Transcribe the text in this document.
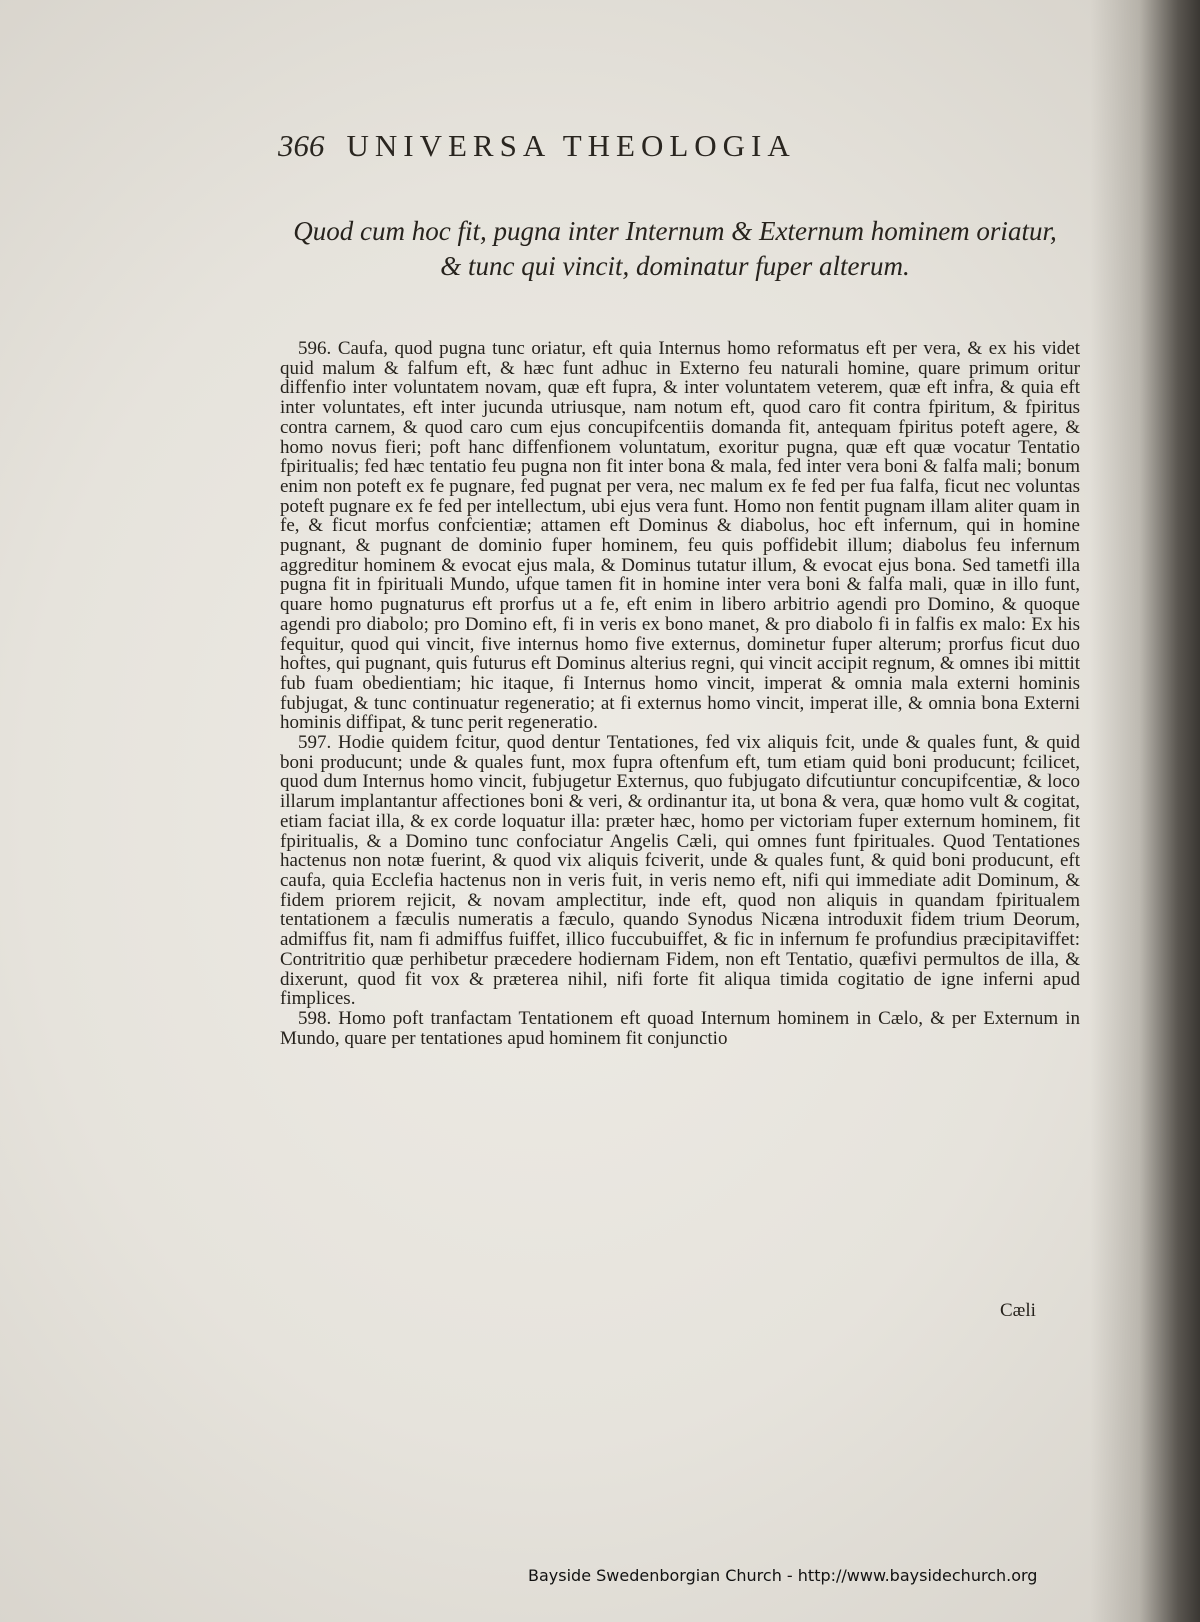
366 UNIVERSA THEOLOGIA
Quod cum hoc fit, pugna inter Internum & Externum hominem oriatur, & tunc qui vincit, dominatur fuper alterum.

596. Caufa, quod pugna tunc oriatur, eft quia Internus homo reformatus eft per vera, & ex his videt quid malum & falfum eft, & hæc funt adhuc in Externo feu naturali homine, quare primum oritur diffenfio inter voluntatem novam, quæ eft fupra, & inter voluntatem veterem, quæ eft infra, & quia eft inter voluntates, eft inter jucunda utriusque, nam notum eft, quod caro fit contra fpiritum, & fpiritus contra carnem, & quod caro cum ejus concupifcentiis domanda fit, antequam fpiritus poteft agere, & homo novus fieri; poft hanc diffenfionem voluntatum, exoritur pugna, quæ eft quæ vocatur Tentatio fpiritualis; fed hæc tentatio feu pugna non fit inter bona & mala, fed inter vera boni & falfa mali; bonum enim non poteft ex fe pugnare, fed pugnat per vera, nec malum ex fe fed per fua falfa, ficut nec voluntas poteft pugnare ex fe fed per intellectum, ubi ejus vera funt. Homo non fentit pugnam illam aliter quam in fe, & ficut morfus confcientiæ; attamen eft Dominus & diabolus, hoc eft infernum, qui in homine pugnant, & pugnant de dominio fuper hominem, feu quis poffidebit illum; diabolus feu infernum aggreditur hominem & evocat ejus mala, & Dominus tutatur illum, & evocat ejus bona. Sed tametfi illa pugna fit in fpirituali Mundo, ufque tamen fit in homine inter vera boni & falfa mali, quæ in illo funt, quare homo pugnaturus eft prorfus ut a fe, eft enim in libero arbitrio agendi pro Domino, & quoque agendi pro diabolo; pro Domino eft, fi in veris ex bono manet, & pro diabolo fi in falfis ex malo: Ex his fequitur, quod qui vincit, five internus homo five externus, dominetur fuper alterum; prorfus ficut duo hoftes, qui pugnant, quis futurus eft Dominus alterius regni, qui vincit accipit regnum, & omnes ibi mittit fub fuam obedientiam; hic itaque, fi Internus homo vincit, imperat & omnia mala externi hominis fubjugat, & tunc continuatur regeneratio; at fi externus homo vincit, imperat ille, & omnia bona Externi hominis diffipat, & tunc perit regeneratio.

597. Hodie quidem fcitur, quod dentur Tentationes, fed vix aliquis fcit, unde & quales funt, & quid boni producunt; unde & quales funt, mox fupra oftenfum eft, tum etiam quid boni producunt; fcilicet, quod dum Internus homo vincit, fubjugetur Externus, quo fubjugato difcutiuntur concupifcentiæ, & loco illarum implantantur affectiones boni & veri, & ordinantur ita, ut bona & vera, quæ homo vult & cogitat, etiam faciat illa, & ex corde loquatur illa: præter hæc, homo per victoriam fuper externum hominem, fit fpiritualis, & a Domino tunc confociatur Angelis Cæli, qui omnes funt fpirituales. Quod Tentationes hactenus non notæ fuerint, & quod vix aliquis fciverit, unde & quales funt, & quid boni producunt, eft caufa, quia Ecclefia hactenus non in veris fuit, in veris nemo eft, nifi qui immediate adit Dominum, & fidem priorem rejicit, & novam amplectitur, inde eft, quod non aliquis in quandam fpiritualem tentationem a fæculis numeratis a fæculo, quando Synodus Nicæna introduxit fidem trium Deorum, admiffus fit, nam fi admiffus fuiffet, illico fuccubuiffet, & fic in infernum fe profundius præcipitaviffet: Contritritio quæ perhibetur præcedere hodiernam Fidem, non eft Tentatio, quæfivi permultos de illa, & dixerunt, quod fit vox & præterea nihil, nifi forte fit aliqua timida cogitatio de igne inferni apud fimplices.

598. Homo poft tranfactam Tentationem eft quoad Internum hominem in Cælo, & per Externum in Mundo, quare per tentationes apud hominem fit conjunctio

Cæli
Bayside Swedenborgian Church - http://www.baysidechurch.org
